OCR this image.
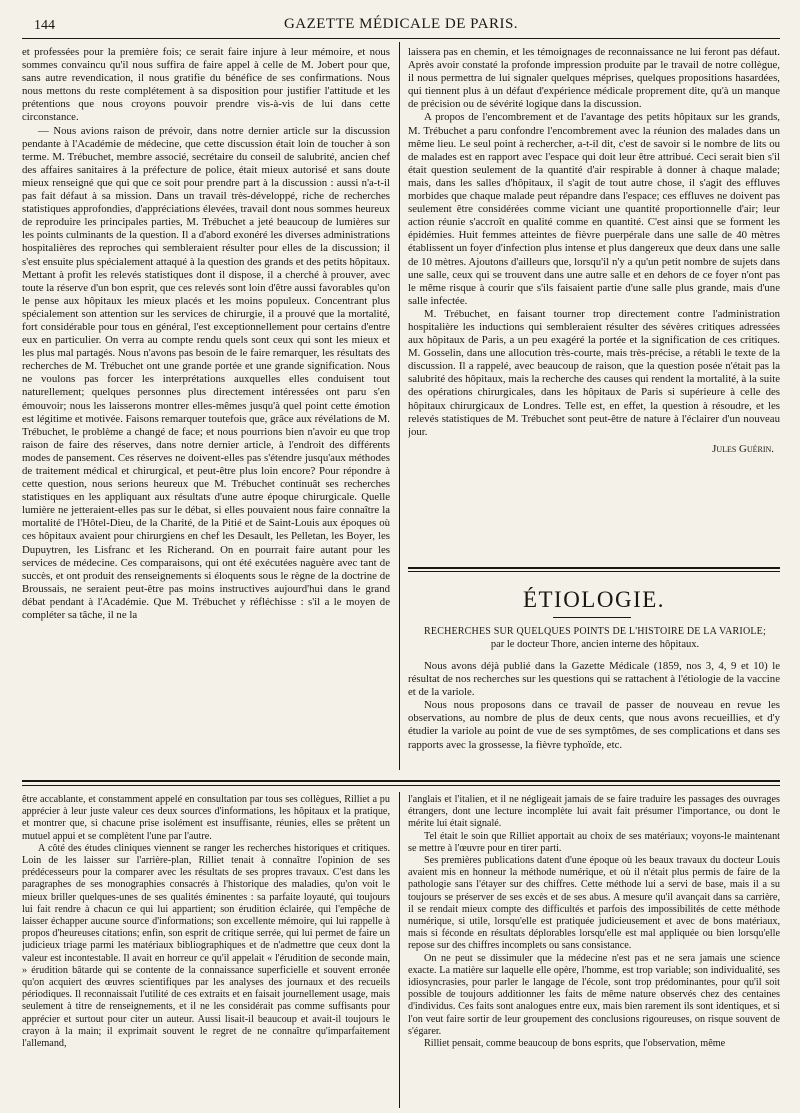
144	GAZETTE MÉDICALE DE PARIS.

et professées pour la première fois; ce serait faire injure à leur mémoire, et nous sommes convaincu qu'il nous suffira de faire appel à celle de M. Jobert pour que, sans autre revendication, il nous gratifie du bénéfice de ses confirmations. Nous nous mettons du reste complétement à sa disposition pour justifier l'attitude et les prétentions que nous croyons pouvoir prendre vis-à-vis de lui dans cette circonstance.

— Nous avions raison de prévoir, dans notre dernier article sur la discussion pendante à l'Académie de médecine, que cette discussion était loin de toucher à son terme. M. Trébuchet, membre associé, secrétaire du conseil de salubrité, ancien chef des affaires sanitaires à la préfecture de police, était mieux autorisé et sans doute mieux renseigné que qui que ce soit pour prendre part à la discussion : aussi n'a-t-il pas fait défaut à sa mission. Dans un travail très-développé, riche de recherches statistiques approfondies, d'appréciations élevées, travail dont nous sommes heureux de reproduire les principales parties, M. Trébuchet a jeté beaucoup de lumières sur les points culminants de la question. Il a d'abord exonéré les diverses administrations hospitalières des reproches qui sembleraient résulter pour elles de la discussion; il s'est ensuite plus spécialement attaqué à la question des grands et des petits hôpitaux. Mettant à profit les relevés statistiques dont il dispose, il a cherché à prouver, avec toute la réserve d'un bon esprit, que ces relevés sont loin d'être aussi favorables qu'on le pense aux hôpitaux les mieux placés et les moins populeux. Concentrant plus spécialement son attention sur les services de chirurgie, il a prouvé que la mortalité, fort considérable pour tous en général, l'est exceptionnellement pour certains d'entre eux en particulier. On verra au compte rendu quels sont ceux qui sont les mieux et les plus mal partagés. Nous n'avons pas besoin de le faire remarquer, les résultats des recherches de M. Trébuchet ont une grande portée et une grande signification. Nous ne voulons pas forcer les interprétations auxquelles elles conduisent tout naturellement; quelques personnes plus directement intéressées ont paru s'en émouvoir; nous les laisserons montrer elles-mêmes jusqu'à quel point cette émotion est légitime et motivée. Faisons remarquer toutefois que, grâce aux révélations de M. Trébuchet, le problème a changé de face; et nous pourrions bien n'avoir eu que trop raison de faire des réserves, dans notre dernier article, à l'endroit des différents modes de pansement. Ces réserves ne doivent-elles pas s'étendre jusqu'aux méthodes de traitement médical et chirurgical, et peut-être plus loin encore? Pour répondre à cette question, nous serions heureux que M. Trébuchet continuât ses recherches statistiques en les appliquant aux résultats d'une autre époque chirurgicale. Quelle lumière ne jetteraient-elles pas sur le débat, si elles pouvaient nous faire connaître la mortalité de l'Hôtel-Dieu, de la Charité, de la Pitié et de Saint-Louis aux époques où ces hôpitaux avaient pour chirurgiens en chef les Desault, les Pelletan, les Boyer, les Dupuytren, les Lisfranc et les Richerand. On en pourrait faire autant pour les services de médecine. Ces comparaisons, qui ont été exécutées naguère avec tant de succès, et ont produit des renseignements si éloquents sous le règne de la doctrine de Broussais, ne seraient peut-être pas moins instructives aujourd'hui dans le grand débat pendant à l'Académie. Que M. Trébuchet y réfléchisse : s'il a le moyen de compléter sa tâche, il ne la

laissera pas en chemin, et les témoignages de reconnaissance ne lui feront pas défaut. Après avoir constaté la profonde impression produite par le travail de notre collègue, il nous permettra de lui signaler quelques méprises, quelques propositions hasardées, qui tiennent plus à un défaut d'expérience médicale proprement dite, qu'à un manque de précision ou de sévérité logique dans la discussion.

A propos de l'encombrement et de l'avantage des petits hôpitaux sur les grands, M. Trébuchet a paru confondre l'encombrement avec la réunion des malades dans un même lieu. Le seul point à rechercher, a-t-il dit, c'est de savoir si le nombre de lits ou de malades est en rapport avec l'espace qui doit leur être attribué. Ceci serait bien s'il était question seulement de la quantité d'air respirable à donner à chaque malade; mais, dans les salles d'hôpitaux, il s'agit de tout autre chose, il s'agit des effluves morbides que chaque malade peut répandre dans l'espace; ces effluves ne doivent pas seulement être considérées comme viciant une quantité proportionnelle d'air; leur action réunie s'accroît en qualité comme en quantité. C'est ainsi que se forment les épidémies. Huit femmes atteintes de fièvre puerpérale dans une salle de 40 mètres établissent un foyer d'infection plus intense et plus dangereux que deux dans une salle de 10 mètres. Ajoutons d'ailleurs que, lorsqu'il n'y a qu'un petit nombre de sujets dans une salle, ceux qui se trouvent dans une autre salle et en dehors de ce foyer n'ont pas le même risque à courir que s'ils faisaient partie d'une salle plus grande, mais d'une salle infectée.

M. Trébuchet, en faisant tourner trop directement contre l'administration hospitalière les inductions qui sembleraient résulter des sévères critiques adressées aux hôpitaux de Paris, a un peu exagéré la portée et la signification de ces critiques. M. Gosselin, dans une allocution très-courte, mais très-précise, a rétabli le texte de la discussion. Il a rappelé, avec beaucoup de raison, que la question posée n'était pas la salubrité des hôpitaux, mais la recherche des causes qui rendent la mortalité, à la suite des opérations chirurgicales, dans les hôpitaux de Paris si supérieure à celle des hôpitaux chirurgicaux de Londres. Telle est, en effet, la question à résoudre, et les relevés statistiques de M. Trébuchet sont peut-être de nature à l'éclairer d'un nouveau jour.

Jules Guérin.
ÉTIOLOGIE.
RECHERCHES SUR QUELQUES POINTS DE L'HISTOIRE DE LA VARIOLE;
par le docteur Thore, ancien interne des hôpitaux.

Nous avons déjà publié dans la Gazette Médicale (1859, nos 3, 4, 9 et 10) le résultat de nos recherches sur les questions qui se rattachent à l'étiologie de la vaccine et de la variole.

Nous nous proposons dans ce travail de passer de nouveau en revue les observations, au nombre de plus de deux cents, que nous avons recueillies, et d'y étudier la variole au point de vue de ses symptômes, de ses complications et dans ses rapports avec la grossesse, la fièvre typhoïde, etc.

être accablante, et constamment appelé en consultation par tous ses collègues, Rilliet a pu apprécier à leur juste valeur ces deux sources d'informations, les hôpitaux et la pratique, et montrer que, si chacune prise isolément est insuffisante, réunies, elles se prêtent un mutuel appui et se complètent l'une par l'autre.

A côté des études cliniques viennent se ranger les recherches historiques et critiques. Loin de les laisser sur l'arrière-plan, Rilliet tenait à connaître l'opinion de ses prédécesseurs pour la comparer avec les résultats de ses propres travaux. C'est dans les paragraphes de ses monographies consacrés à l'historique des maladies, qu'on voit le mieux briller quelques-unes de ses qualités éminentes : sa parfaite loyauté, qui toujours lui fait rendre à chacun ce qui lui appartient; son érudition éclairée, qui l'empêche de laisser échapper aucune source d'informations; son excellente mémoire, qui lui rappelle à propos d'heureuses citations; enfin, son esprit de critique serrée, qui lui permet de faire un judicieux triage parmi les matériaux bibliographiques et de n'admettre que ceux dont la valeur est incontestable. Il avait en horreur ce qu'il appelait « l'érudition de seconde main, » érudition bâtarde qui se contente de la connaissance superficielle et souvent erronée qu'on acquiert des œuvres scientifiques par les analyses des journaux et des recueils périodiques. Il reconnaissait l'utilité de ces extraits et en faisait journellement usage, mais seulement à titre de renseignements, et il ne les considérait pas comme suffisants pour apprécier et surtout pour citer un auteur. Aussi lisait-il beaucoup et avait-il toujours le crayon à la main; il exprimait souvent le regret de ne connaître qu'imparfaitement l'allemand,

l'anglais et l'italien, et il ne négligeait jamais de se faire traduire les passages des ouvrages étrangers, dont une lecture incomplète lui avait fait présumer l'importance, ou dont le mérite lui était signalé.

Tel était le soin que Rilliet apportait au choix de ses matériaux; voyons-le maintenant se mettre à l'œuvre pour en tirer parti.

Ses premières publications datent d'une époque où les beaux travaux du docteur Louis avaient mis en honneur la méthode numérique, et où il n'était plus permis de faire de la pathologie sans l'étayer sur des chiffres. Cette méthode lui a servi de base, mais il a su toujours se préserver de ses excès et de ses abus. A mesure qu'il avançait dans sa carrière, il se rendait mieux compte des difficultés et parfois des impossibilités de cette méthode numérique, si utile, lorsqu'elle est pratiquée judicieusement et avec de bons matériaux, mais si féconde en résultats déplorables lorsqu'elle est mal appliquée ou bien lorsqu'elle repose sur des chiffres incomplets ou sans consistance.

On ne peut se dissimuler que la médecine n'est pas et ne sera jamais une science exacte. La matière sur laquelle elle opère, l'homme, est trop variable; son individualité, ses idiosyncrasies, pour parler le langage de l'école, sont trop prédominantes, pour qu'il soit possible de toujours additionner les faits de même nature observés chez des centaines d'individus. Ces faits sont analogues entre eux, mais bien rarement ils sont identiques, et si l'on veut faire sortir de leur groupement des conclusions rigoureuses, on risque souvent de s'égarer.

Rilliet pensait, comme beaucoup de bons esprits, que l'observation, même
